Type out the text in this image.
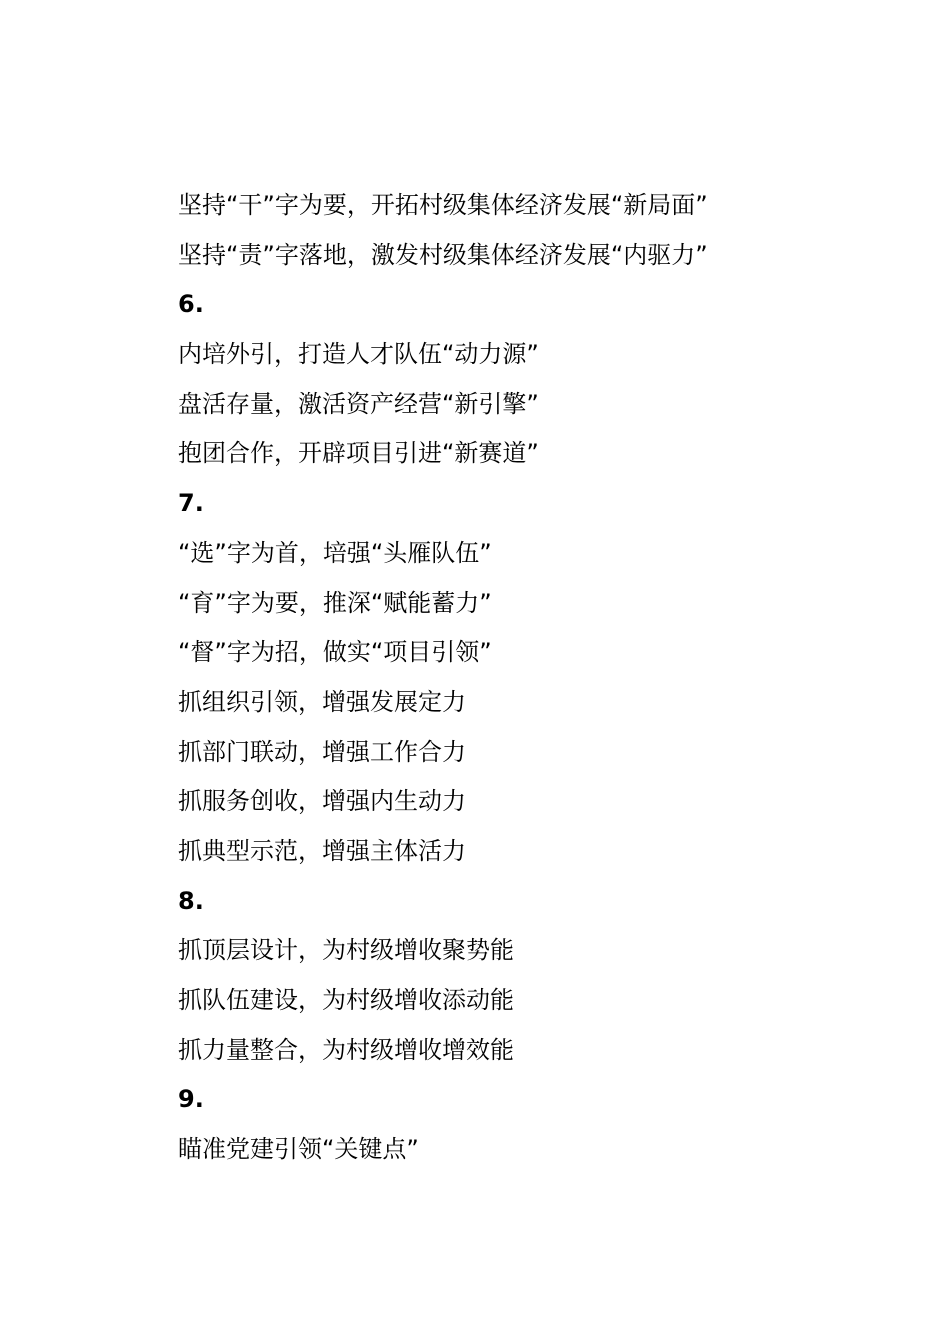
坚持“干”字为要，开拓村级集体经济发展“新局面”
坚持“责”字落地，激发村级集体经济发展“内驱力”
6.
内培外引，打造人才队伍“动力源”
盘活存量，激活资产经营“新引擎”
抱团合作，开辟项目引进“新赛道”
7.
“选”字为首，培强“头雁队伍”
“育”字为要，推深“赋能蓄力”
“督”字为招，做实“项目引领”
抓组织引领，增强发展定力
抓部门联动，增强工作合力
抓服务创收，增强内生动力
抓典型示范，增强主体活力
8.
抓顶层设计，为村级增收聚势能
抓队伍建设，为村级增收添动能
抓力量整合，为村级增收增效能
9.
瞄准党建引领“关键点”
